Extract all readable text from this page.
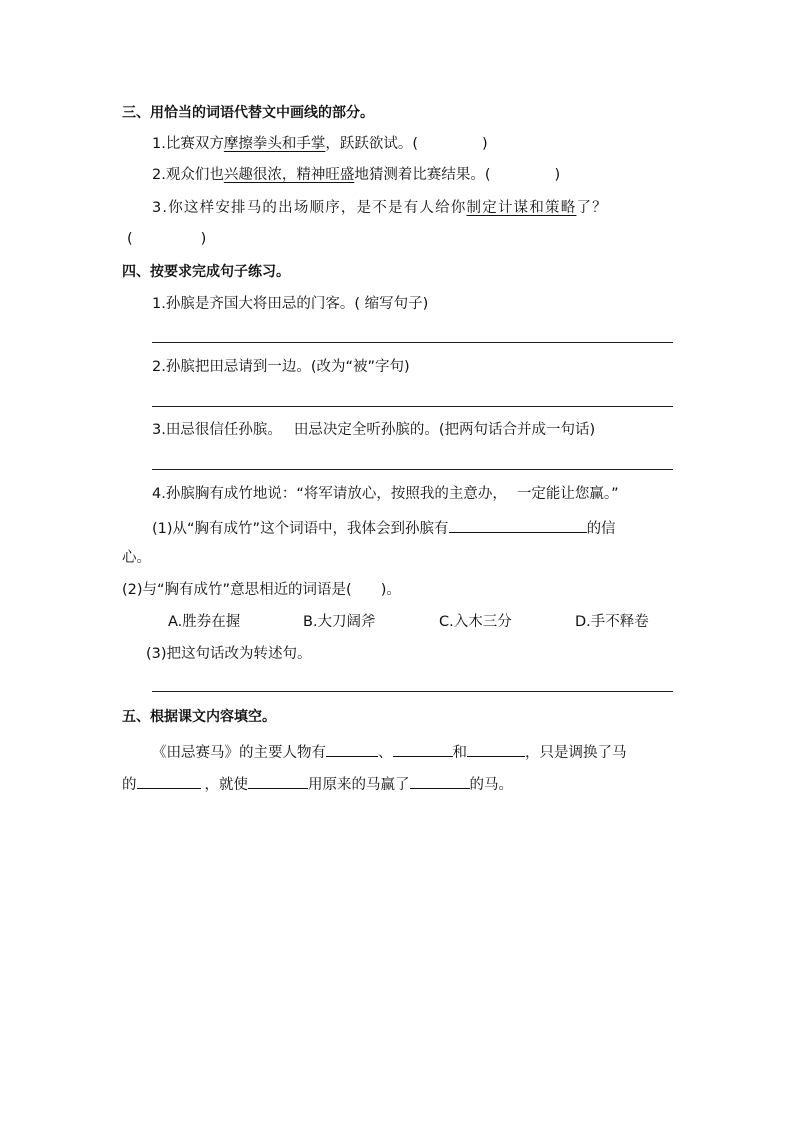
三、用恰当的词语代替文中画线的部分。
1.比赛双方摩擦拳头和手掌，跃跃欲试。(	)
2.观众们也兴趣很浓，精神旺盛地猜测着比赛结果。(	)
3.你这样安排马的出场顺序，是不是有人给你制定计谋和策略了？
(	)
四、按要求完成句子练习。
1.孙膑是齐国大将田忌的门客。( 缩写句子)
2.孙膑把田忌请到一边。(改为“被”字句)
3.田忌很信任孙膑。 田忌决定全听孙膑的。(把两句话合并成一句话)
4.孙膑胸有成竹地说：“将军请放心，按照我的主意办， 一定能让您赢。”
(1)从“胸有成竹”这个词语中，我体会到孙膑有	的信
心。
(2)与“胸有成竹”意思相近的词语是(　　)。
A.胜券在握	B.大刀阔斧	C.入木三分	D.手不释卷
(3)把这句话改为转述句。
五、根据课文内容填空。
《田忌赛马》的主要人物有	、	和	，只是调换了马
的	，就使	用原来的马赢了	的马。
